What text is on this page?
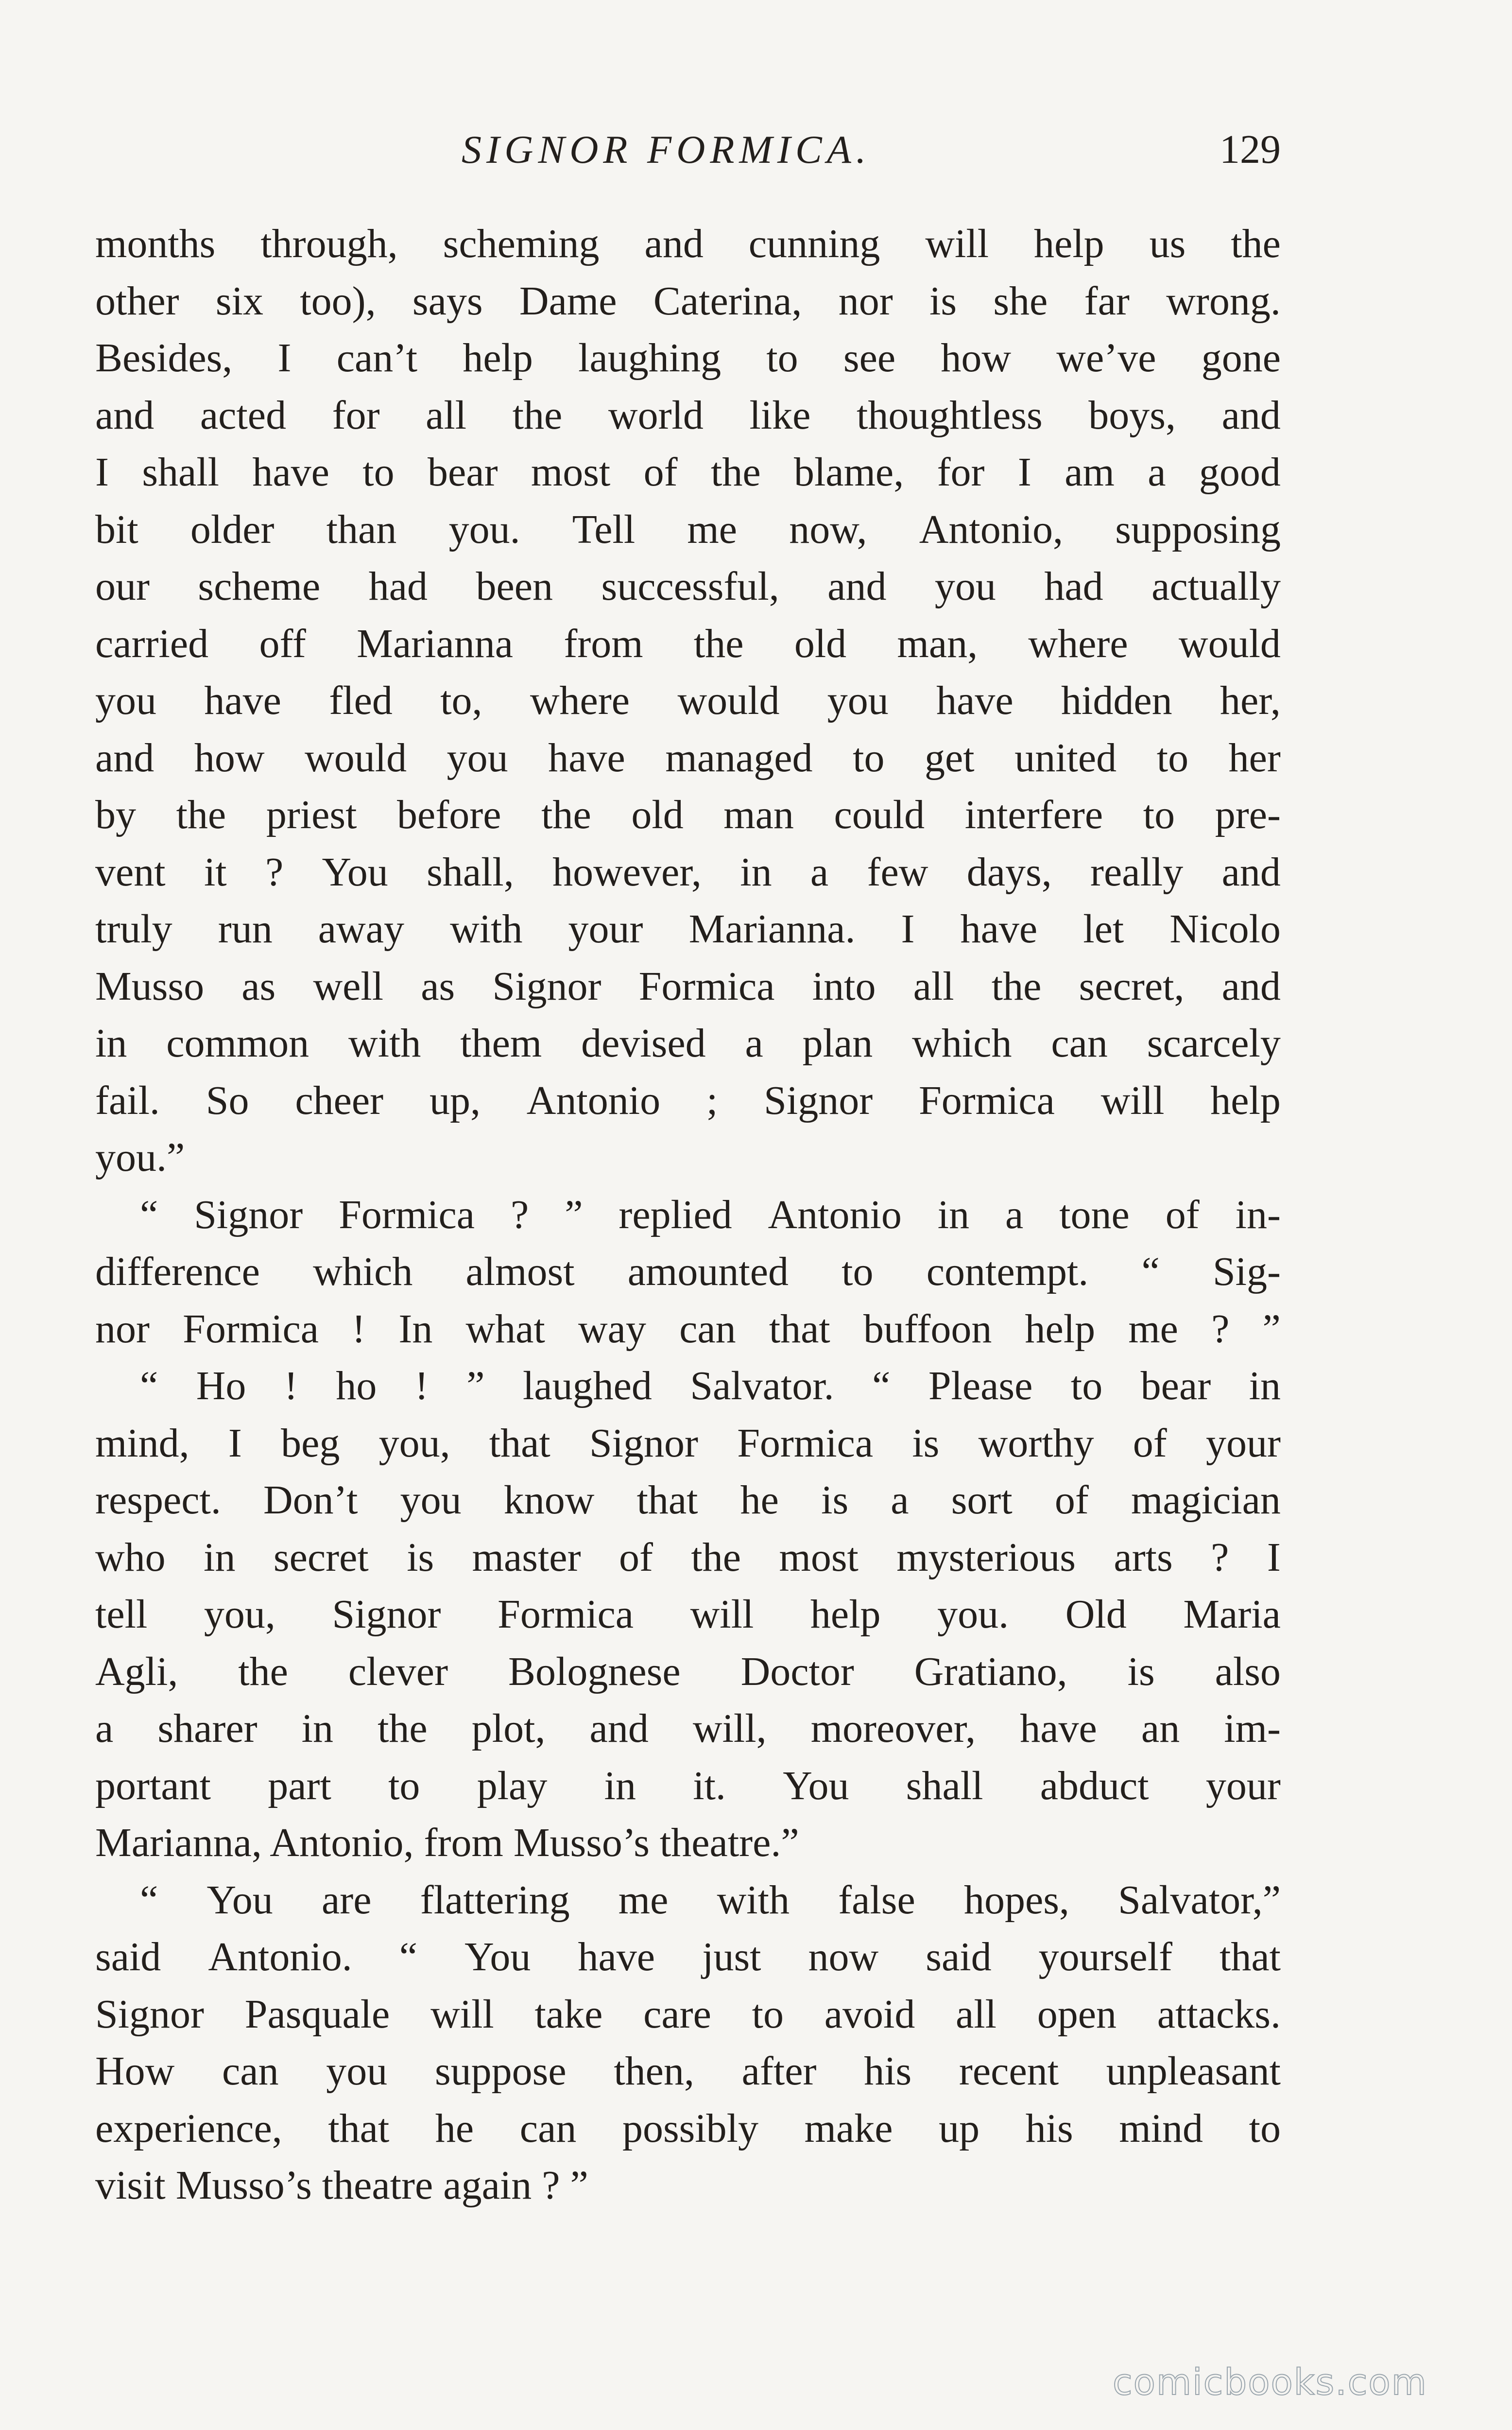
SIGNOR FORMICA.	129
months through, scheming and cunning will help us the
other six too), says Dame Caterina, nor is she far wrong.
Besides, I can’t help laughing to see how we’ve gone
and acted for all the world like thoughtless boys, and
I shall have to bear most of the blame, for I am a good
bit older than you. Tell me now, Antonio, supposing
our scheme had been successful, and you had actually
carried off Marianna from the old man, where would
you have fled to, where would you have hidden her,
and how would you have managed to get united to her
by the priest before the old man could interfere to pre-
vent it ? You shall, however, in a few days, really and
truly run away with your Marianna. I have let Nicolo
Musso as well as Signor Formica into all the secret, and
in common with them devised a plan which can scarcely
fail. So cheer up, Antonio ; Signor Formica will help
you.”
“ Signor Formica ? ” replied Antonio in a tone of in-
difference which almost amounted to contempt. “ Sig-
nor Formica ! In what way can that buffoon help me ? ”
“ Ho ! ho ! ” laughed Salvator. “ Please to bear in
mind, I beg you, that Signor Formica is worthy of your
respect. Don’t you know that he is a sort of magician
who in secret is master of the most mysterious arts ? I
tell you, Signor Formica will help you. Old Maria
Agli, the clever Bolognese Doctor Gratiano, is also
a sharer in the plot, and will, moreover, have an im-
portant part to play in it. You shall abduct your
Marianna, Antonio, from Musso’s theatre.”
“ You are flattering me with false hopes, Salvator,”
said Antonio. “ You have just now said yourself that
Signor Pasquale will take care to avoid all open attacks.
How can you suppose then, after his recent unpleasant
experience, that he can possibly make up his mind to
visit Musso’s theatre again ? ”
comicbooks.com
